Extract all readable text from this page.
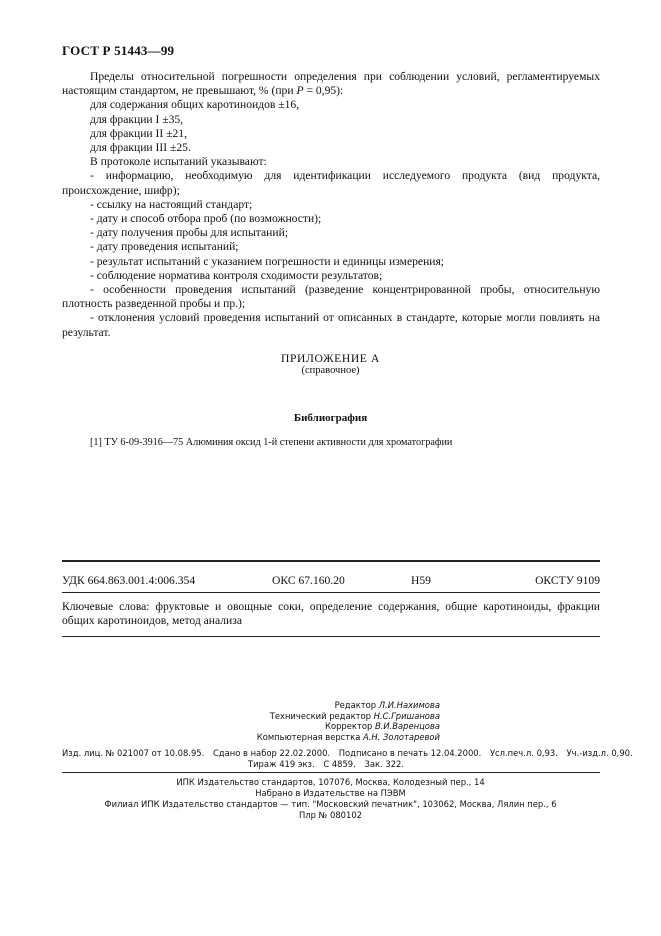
ГОСТ Р 51443—99

Пределы относительной погрешности определения при соблюдении условий, регламентируемых настоящим стандартом, не превышают, % (при P = 0,95):

для содержания общих каротиноидов ±16,

для фракции I ±35,

для фракции II ±21,

для фракции III ±25.

В протоколе испытаний указывают:

- информацию, необходимую для идентификации исследуемого продукта (вид продукта, происхождение, шифр);

- ссылку на настоящий стандарт;

- дату и способ отбора проб (по возможности);

- дату получения пробы для испытаний;

- дату проведения испытаний;

- результат испытаний с указанием погрешности и единицы измерения;

- соблюдение норматива контроля сходимости результатов;

- особенности проведения испытаний (разведение концентрированной пробы, относительную плотность разведенной пробы и пр.);

- отклонения условий проведения испытаний от описанных в стандарте, которые могли повлиять на результат.

ПРИЛОЖЕНИЕ А
(справочное)
Библиография
[1] ТУ 6-09-3916—75 Алюминия оксид 1-й степени активности для хроматографии
УДК 664.863.001.4:006.354	ОКС 67.160.20	Н59	ОКСТУ 9109
Ключевые слова: фруктовые и овощные соки, определение содержания, общие каротиноиды, фракции общих каротиноидов, метод анализа
Редактор Л.И.Нахимова
Технический редактор Н.С.Гришанова
Корректор В.И.Варенцова
Компьютерная верстка А.Н. Золотаревой
Изд. лиц. № 021007 от 10.08.95. Сдано в набор 22.02.2000. Подписано в печать 12.04.2000. Усл.печ.л. 0,93. Уч.-изд.л. 0,90.
Тираж 419 экз. С 4859. Зак. 322.
ИПК Издательство стандартов, 107076, Москва, Колодезный пер., 14
Набрано в Издательстве на ПЭВМ
Филиал ИПК Издательство стандартов — тип. "Московский печатник", 103062, Москва, Лялин пер., 6
Плр № 080102
